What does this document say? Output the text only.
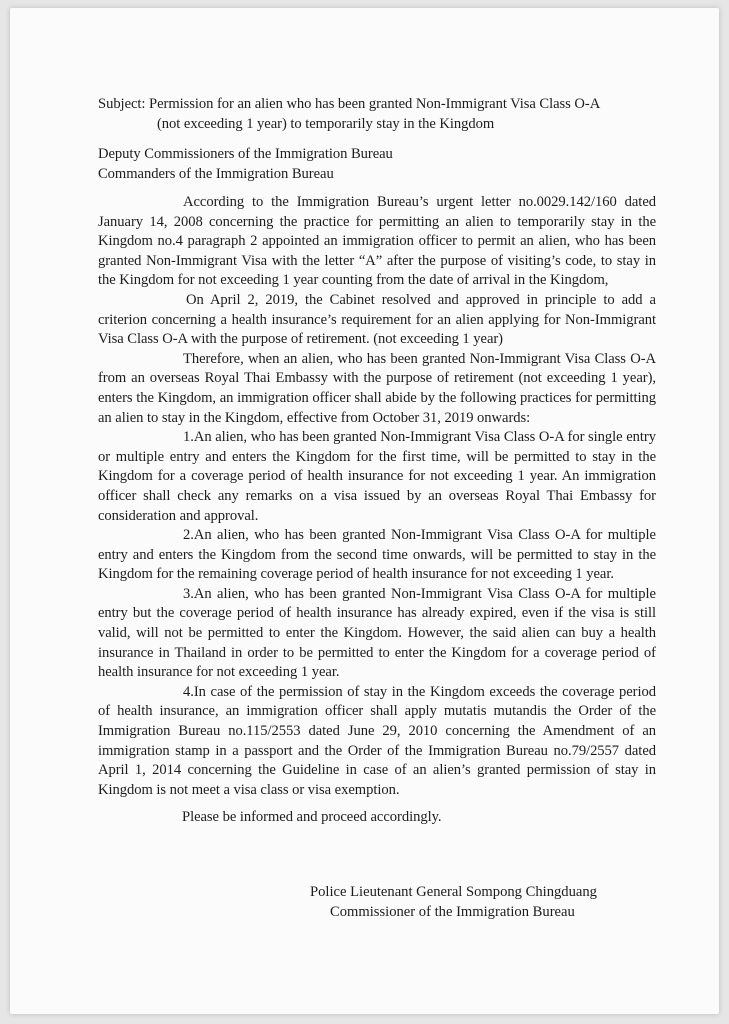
Subject: Permission for an alien who has been granted Non-Immigrant Visa Class O-A
(not exceeding 1 year) to temporarily stay in the Kingdom
Deputy Commissioners of the Immigration Bureau
Commanders of the Immigration Bureau

According to the Immigration Bureau’s urgent letter no.0029.142/160 dated January 14, 2008 concerning the practice for permitting an alien to temporarily stay in the Kingdom no.4 paragraph 2 appointed an immigration officer to permit an alien, who has been granted Non-Immigrant Visa with the letter “A” after the purpose of visiting’s code, to stay in the Kingdom for not exceeding 1 year counting from the date of arrival in the Kingdom,

On April 2, 2019, the Cabinet resolved and approved in principle to add a criterion concerning a health insurance’s requirement for an alien applying for Non-Immigrant Visa Class O-A with the purpose of retirement. (not exceeding 1 year)

Therefore, when an alien, who has been granted Non-Immigrant Visa Class O-A from an overseas Royal Thai Embassy with the purpose of retirement (not exceeding 1 year), enters the Kingdom, an immigration officer shall abide by the following practices for permitting an alien to stay in the Kingdom, effective from October 31, 2019 onwards:

1.An alien, who has been granted Non-Immigrant Visa Class O-A for single entry or multiple entry and enters the Kingdom for the first time, will be permitted to stay in the Kingdom for a coverage period of health insurance for not exceeding 1 year. An immigration officer shall check any remarks on a visa issued by an overseas Royal Thai Embassy for consideration and approval.

2.An alien, who has been granted Non-Immigrant Visa Class O-A for multiple entry and enters the Kingdom from the second time onwards, will be permitted to stay in the Kingdom for the remaining coverage period of health insurance for not exceeding 1 year.

3.An alien, who has been granted Non-Immigrant Visa Class O-A for multiple entry but the coverage period of health insurance has already expired, even if the visa is still valid, will not be permitted to enter the Kingdom. However, the said alien can buy a health insurance in Thailand in order to be permitted to enter the Kingdom for a coverage period of health insurance for not exceeding 1 year.

4.In case of the permission of stay in the Kingdom exceeds the coverage period of health insurance, an immigration officer shall apply mutatis mutandis the Order of the Immigration Bureau no.115/2553 dated June 29, 2010 concerning the Amendment of an immigration stamp in a passport and the Order of the Immigration Bureau no.79/2557 dated April 1, 2014 concerning the Guideline in case of an alien’s granted permission of stay in Kingdom is not meet a visa class or visa exemption.

Please be informed and proceed accordingly.

Police Lieutenant General Sompong Chingduang
Commissioner of the Immigration Bureau
